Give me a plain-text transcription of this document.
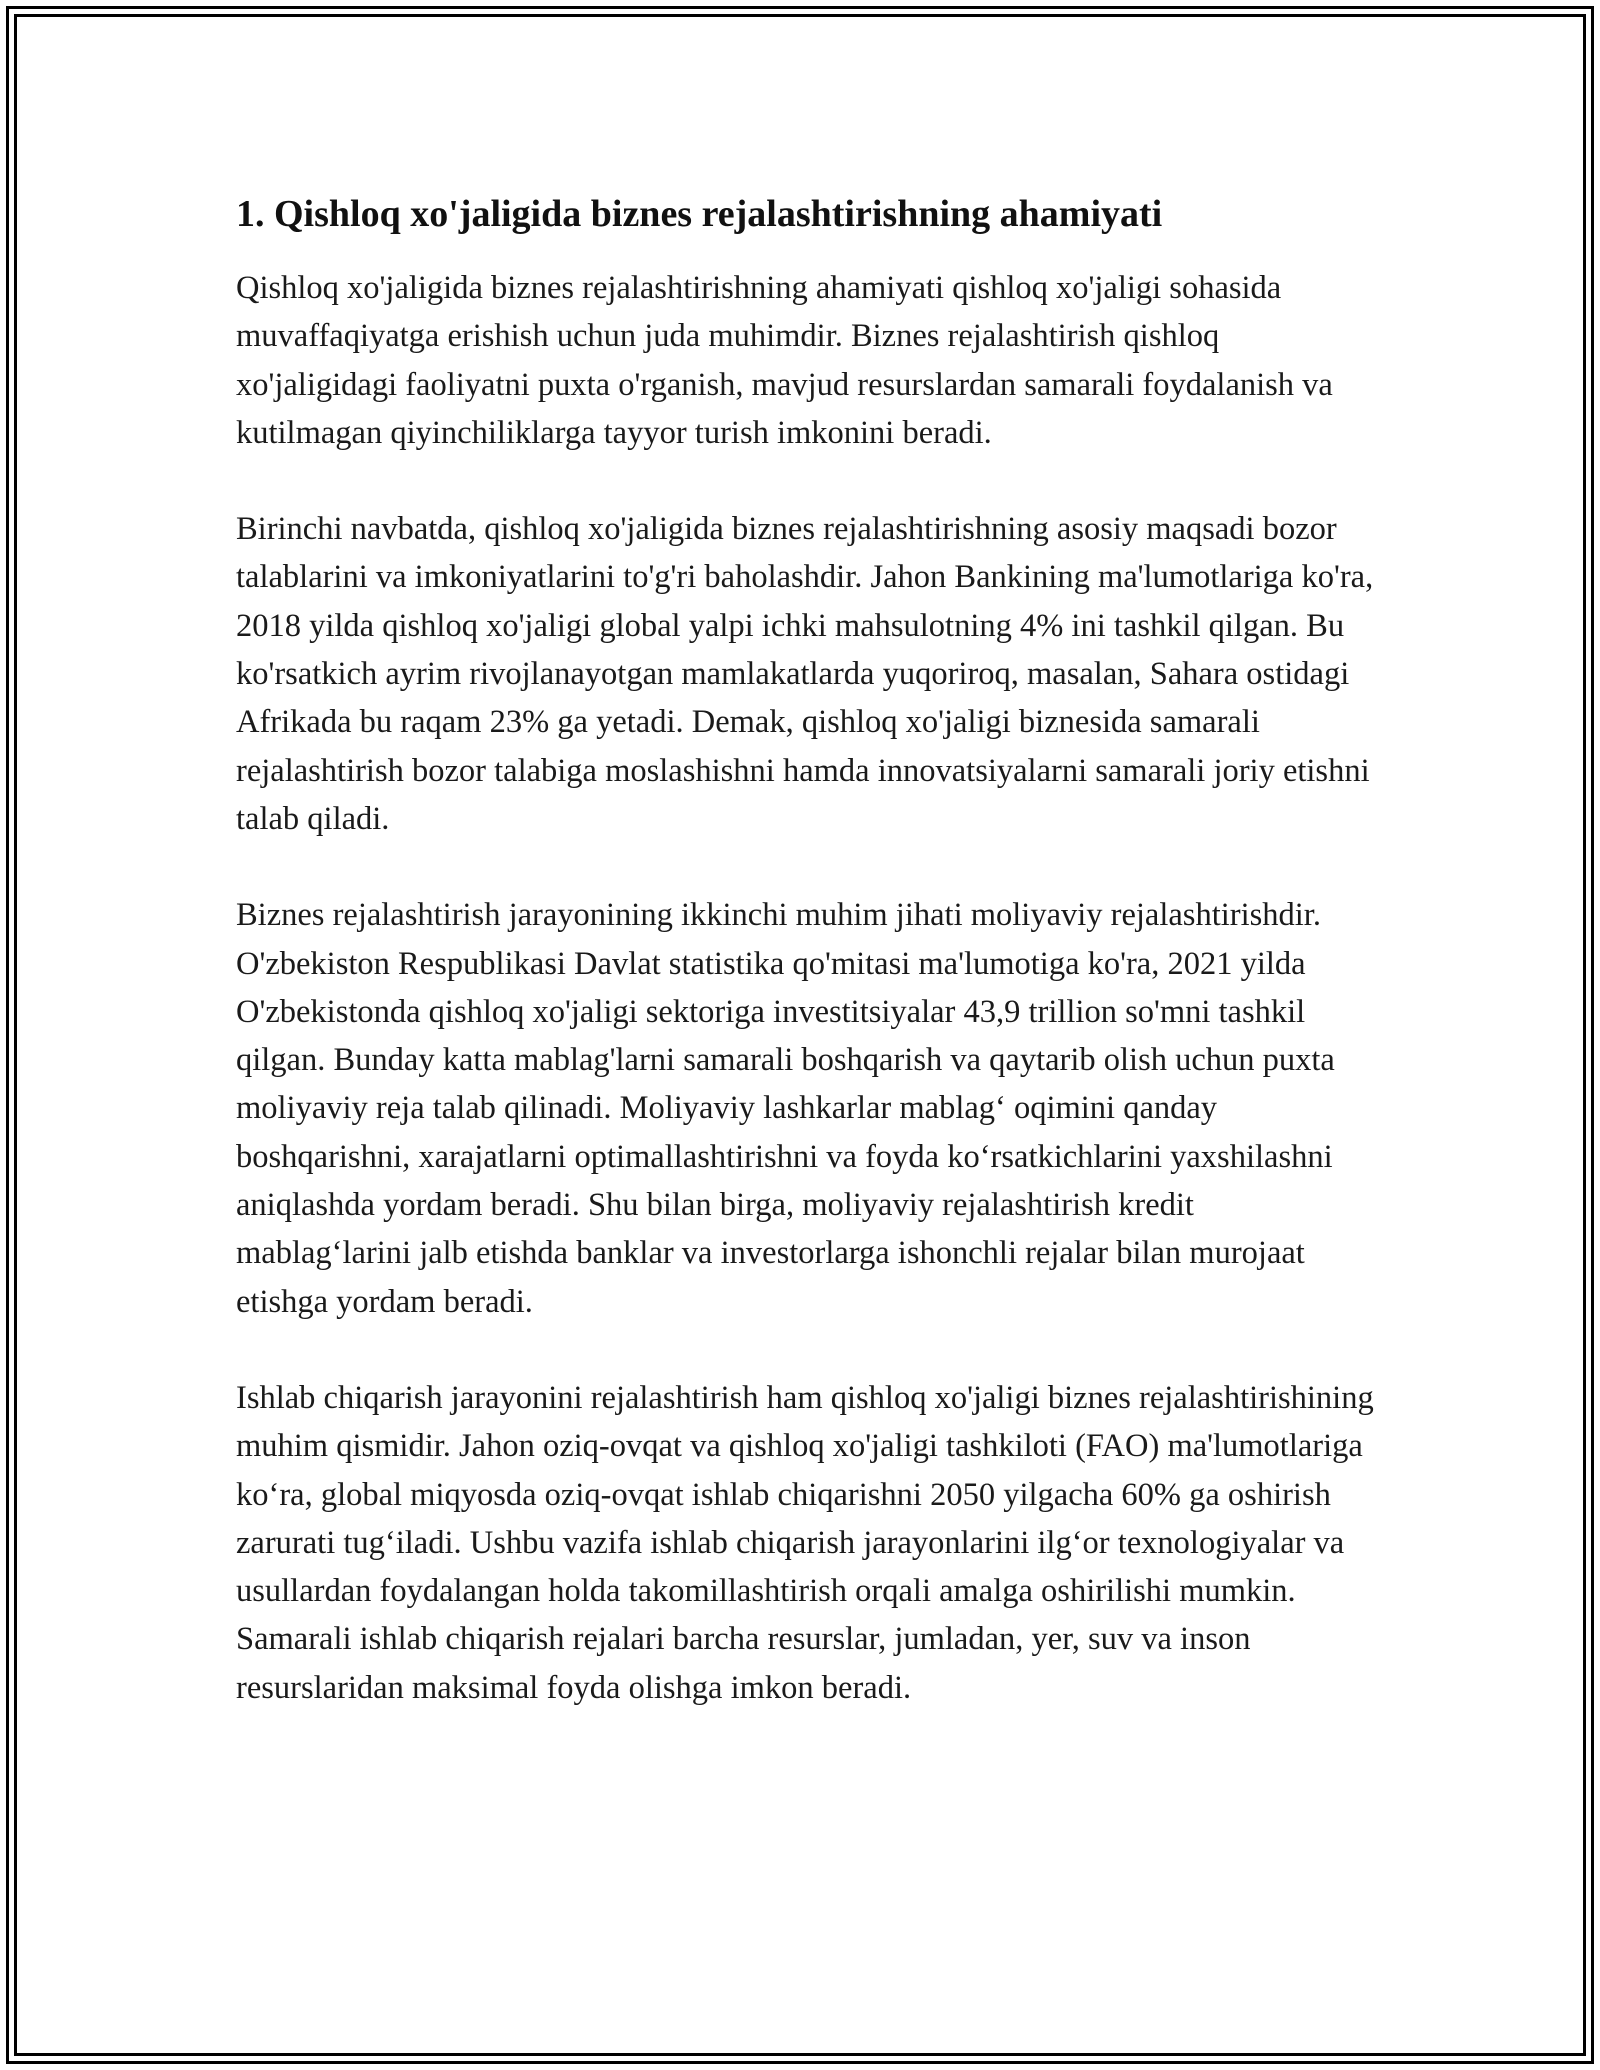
1. Qishloq xo'jaligida biznes rejalashtirishning ahamiyati

Qishloq xo'jaligida biznes rejalashtirishning ahamiyati qishloq xo'jaligi sohasida muvaffaqiyatga erishish uchun juda muhimdir. Biznes rejalashtirish qishloq xo'jaligidagi faoliyatni puxta o'rganish, mavjud resurslardan samarali foydalanish va kutilmagan qiyinchiliklarga tayyor turish imkonini beradi.

Birinchi navbatda, qishloq xo'jaligida biznes rejalashtirishning asosiy maqsadi bozor talablarini va imkoniyatlarini to'g'ri baholashdir. Jahon Bankining ma'lumotlariga ko'ra, 2018 yilda qishloq xo'jaligi global yalpi ichki mahsulotning 4% ini tashkil qilgan. Bu ko'rsatkich ayrim rivojlanayotgan mamlakatlarda yuqoriroq, masalan, Sahara ostidagi Afrikada bu raqam 23% ga yetadi. Demak, qishloq xo'jaligi biznesida samarali rejalashtirish bozor talabiga moslashishni hamda innovatsiyalarni samarali joriy etishni talab qiladi.

Biznes rejalashtirish jarayonining ikkinchi muhim jihati moliyaviy rejalashtirishdir. O'zbekiston Respublikasi Davlat statistika qo'mitasi ma'lumotiga ko'ra, 2021 yilda O'zbekistonda qishloq xo'jaligi sektoriga investitsiyalar 43,9 trillion so'mni tashkil qilgan. Bunday katta mablag'larni samarali boshqarish va qaytarib olish uchun puxta moliyaviy reja talab qilinadi. Moliyaviy lashkarlar mablag‘ oqimini qanday boshqarishni, xarajatlarni optimallashtirishni va foyda ko‘rsatkichlarini yaxshilashni aniqlashda yordam beradi. Shu bilan birga, moliyaviy rejalashtirish kredit mablag‘larini jalb etishda banklar va investorlarga ishonchli rejalar bilan murojaat etishga yordam beradi.

Ishlab chiqarish jarayonini rejalashtirish ham qishloq xo'jaligi biznes rejalashtirishining muhim qismidir. Jahon oziq-ovqat va qishloq xo'jaligi tashkiloti (FAO) ma'lumotlariga ko‘ra, global miqyosda oziq-ovqat ishlab chiqarishni 2050 yilgacha 60% ga oshirish zarurati tug‘iladi. Ushbu vazifa ishlab chiqarish jarayonlarini ilg‘or texnologiyalar va usullardan foydalangan holda takomillashtirish orqali amalga oshirilishi mumkin. Samarali ishlab chiqarish rejalari barcha resurslar, jumladan, yer, suv va inson resurslaridan maksimal foyda olishga imkon beradi.
